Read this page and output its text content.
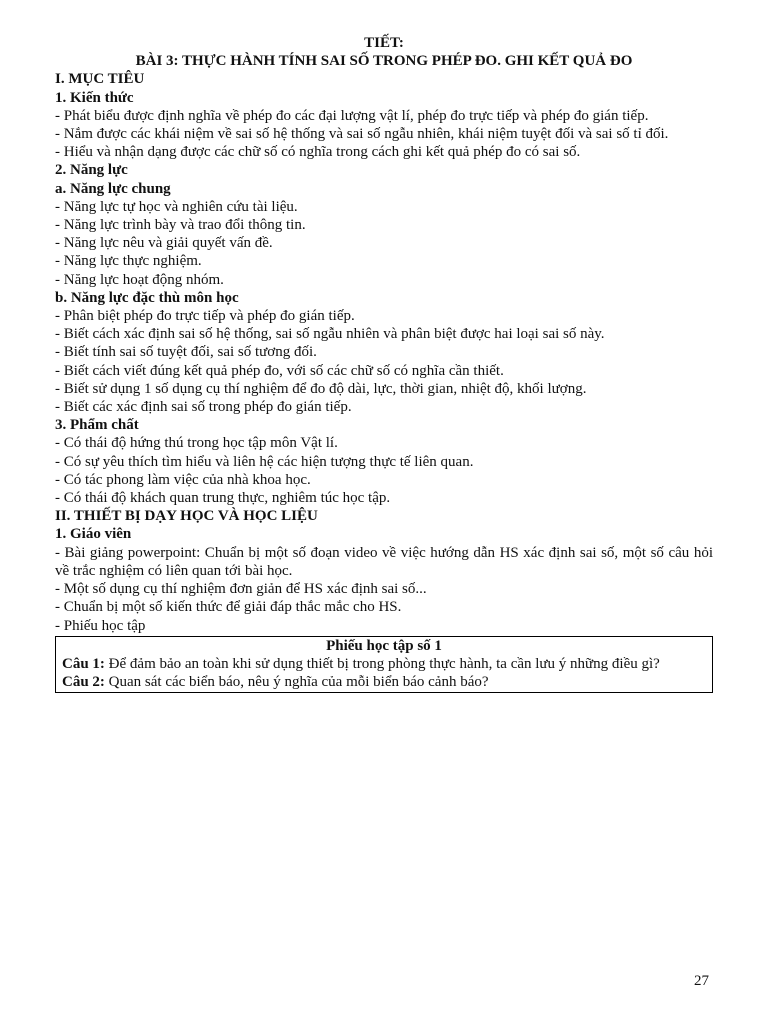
TIẾT:
BÀI 3: THỰC HÀNH TÍNH SAI SỐ TRONG PHÉP ĐO. GHI KẾT QUẢ ĐO
I. MỤC TIÊU
1. Kiến thức
- Phát biểu được định nghĩa về phép đo các đại lượng vật lí, phép đo trực tiếp và phép đo gián tiếp.
- Nắm được các khái niệm về sai số hệ thống và sai số ngẫu nhiên, khái niệm tuyệt đối và sai số tỉ đối.
- Hiểu và nhận dạng được các chữ số có nghĩa trong cách ghi kết quả phép đo có sai số.
2. Năng lực
a. Năng lực chung
- Năng lực tự học và nghiên cứu tài liệu.
- Năng lực trình bày và trao đổi thông tin.
- Năng lực nêu và giải quyết vấn đề.
- Năng lực thực nghiệm.
- Năng lực hoạt động nhóm.
b. Năng lực đặc thù môn học
- Phân biệt phép đo trực tiếp và phép đo gián tiếp.
- Biết cách xác định sai số hệ thống, sai số ngẫu nhiên và phân biệt được hai loại sai số này.
- Biết tính sai số tuyệt đối, sai số tương đối.
- Biết cách viết đúng kết quả phép đo, với số các chữ số có nghĩa cần thiết.
- Biết sử dụng 1 số dụng cụ thí nghiệm để đo độ dài, lực, thời gian, nhiệt độ, khối lượng.
- Biết các xác định sai số trong phép đo gián tiếp.
3. Phẩm chất
- Có thái độ hứng thú trong học tập môn Vật lí.
- Có sự yêu thích tìm hiểu và liên hệ các hiện tượng thực tế liên quan.
- Có tác phong làm việc của nhà khoa học.
- Có thái độ khách quan trung thực, nghiêm túc học tập.
II. THIẾT BỊ DẠY HỌC VÀ HỌC LIỆU
1. Giáo viên
- Bài giảng powerpoint: Chuẩn bị một số đoạn video về việc hướng dẫn HS xác định sai số, một số câu hỏi về trắc nghiệm có liên quan tới bài học.
- Một số dụng cụ thí nghiệm đơn giản để HS xác định sai số...
- Chuẩn bị một số kiến thức để giải đáp thắc mắc cho HS.
- Phiếu học tập
Phiếu học tập số 1
Câu 1: Để đảm bảo an toàn khi sử dụng thiết bị trong phòng thực hành, ta cần lưu ý những điều gì?
Câu 2: Quan sát các biển báo, nêu ý nghĩa của mỗi biển báo cảnh báo?
27
